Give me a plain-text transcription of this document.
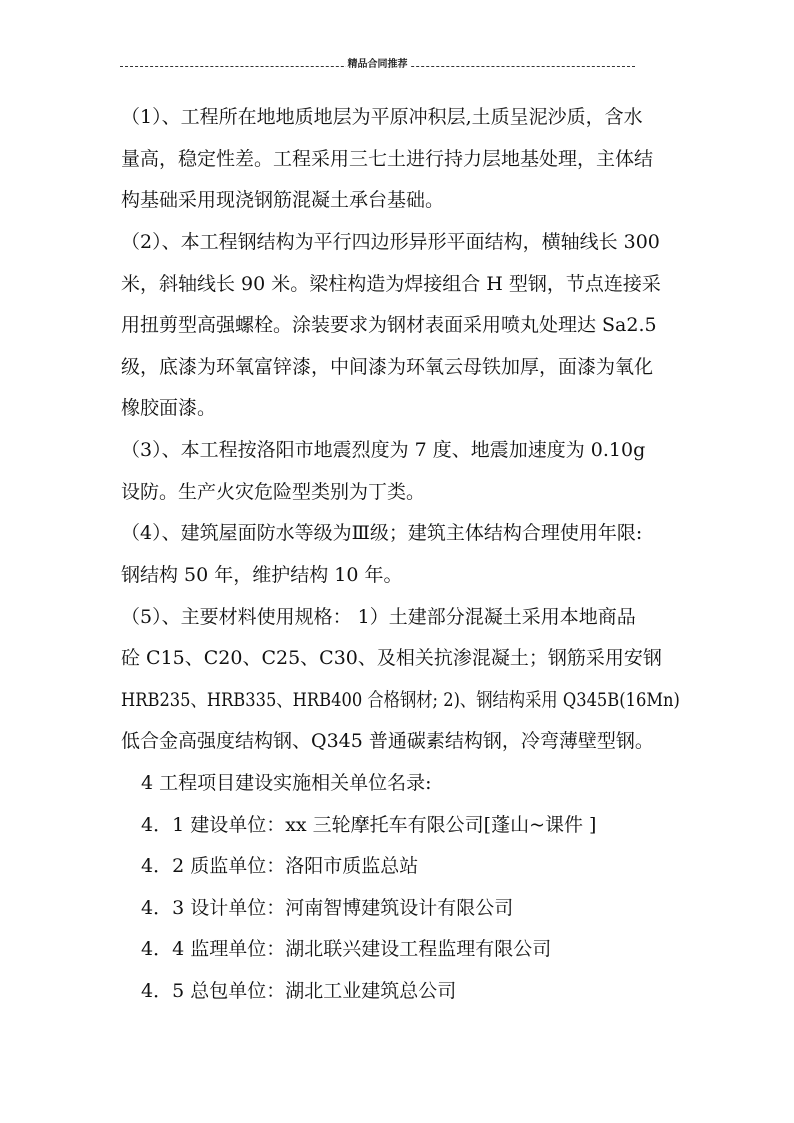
精品合同推荐
（1）、工程所在地地质地层为平原冲积层,土质呈泥沙质，含水
量高，稳定性差。工程采用三七土进行持力层地基处理，主体结
构基础采用现浇钢筋混凝土承台基础。
（2）、本工程钢结构为平行四边形异形平面结构，横轴线长 300
米，斜轴线长 90 米。梁柱构造为焊接组合 H 型钢，节点连接采
用扭剪型高强螺栓。涂装要求为钢材表面采用喷丸处理达 Sa2.5
级，底漆为环氧富锌漆，中间漆为环氧云母铁加厚，面漆为氧化
橡胶面漆。
（3）、本工程按洛阳市地震烈度为 7 度、地震加速度为 0.10g
设防。生产火灾危险型类别为丁类。
（4）、建筑屋面防水等级为Ⅲ级；建筑主体结构合理使用年限:
钢结构 50 年，维护结构 10 年。
（5）、主要材料使用规格： 1）土建部分混凝土采用本地商品
砼 C15、C20、C25、C30、及相关抗渗混凝土；钢筋采用安钢
HRB235、HRB335、HRB400 合格钢材; 2)、钢结构采用 Q345B(16Mn)
低合金高强度结构钢、Q345 普通碳素结构钢，冷弯薄壁型钢。
4 工程项目建设实施相关单位名录:
4．1 建设单位：xx 三轮摩托车有限公司[蓬山~课件 ]
4．2 质监单位：洛阳市质监总站
4．3 设计单位：河南智博建筑设计有限公司
4．4 监理单位：湖北联兴建设工程监理有限公司
4．5 总包单位：湖北工业建筑总公司
